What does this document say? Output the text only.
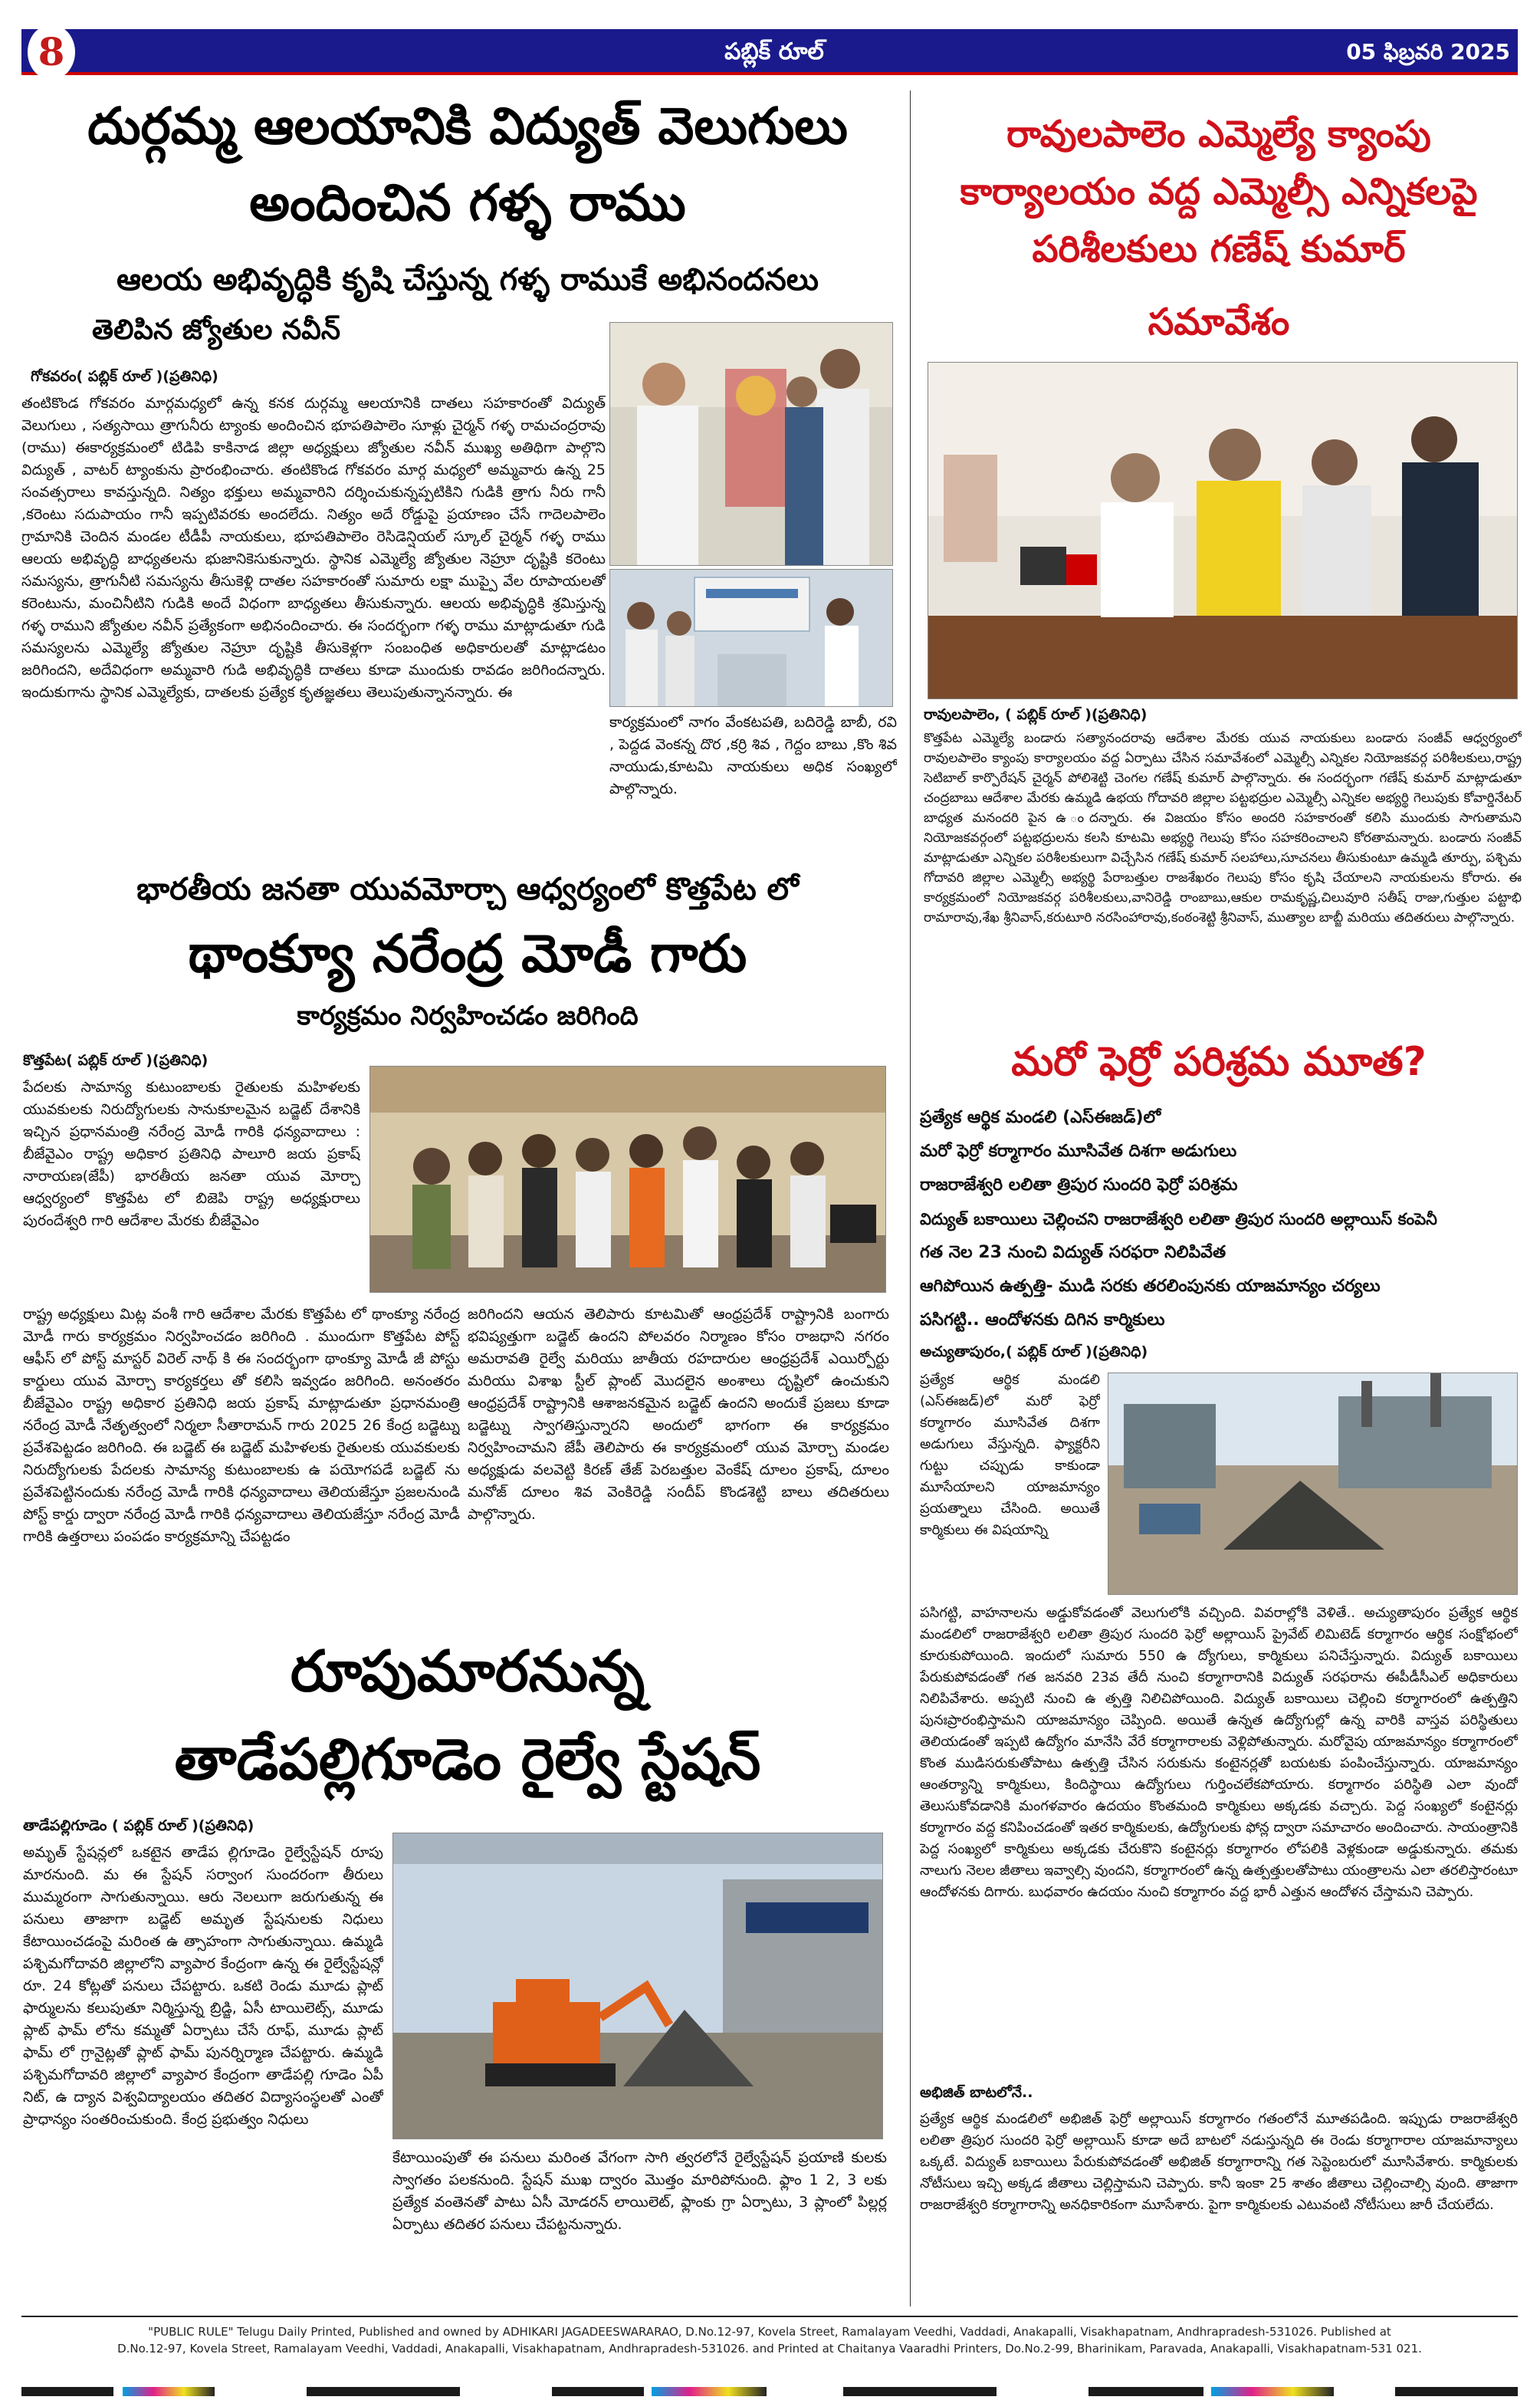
8	పబ్లిక్ రూల్	05 ఫిబ్రవరి 2025
దుర్గమ్మ ఆలయానికి విద్యుత్ వెలుగులు
అందించిన గళ్ళ రాము
ఆలయ అభివృద్ధికి కృషి చేస్తున్న గళ్ళ రాముకే అభినందనలు
తెలిపిన జ్యోతుల నవీన్
గోకవరం( పబ్లిక్ రూల్ )(ప్రతినిధి)
తంటికొండ గోకవరం మార్గమధ్యలో ఉన్న కనక దుర్గమ్మ ఆలయానికి దాతలు సహకారంతో విద్యుత్ వెలుగులు , సత్యసాయి త్రాగునీరు ట్యాంకు అందించిన భూపతిపాలెం సూళ్లు చైర్మన్ గళ్ళ రామచంద్రరావు (రాము) ఈకార్యక్రమంలో టిడిపి కాకినాడ జిల్లా అధ్యక్షులు జ్యోతుల నవీన్ ముఖ్య అతిథిగా పాల్గొని విద్యుత్ , వాటర్ ట్యాంకును ప్రారంభించారు. తంటికొండ గోకవరం మార్గ మధ్యలో అమ్మవారు ఉన్న 25 సంవత్సరాలు కావస్తున్నది. నిత్యం భక్తులు అమ్మవారిని దర్శించుకున్నప్పటికిని గుడికి త్రాగు నీరు గానీ ,కరెంటు సదుపాయం గానీ ఇప్పటివరకు అందలేదు. నిత్యం అదే రోడ్డుపై ప్రయాణం చేసే గాదెలపాలెం గ్రామానికి చెందిన మండల టీడీపీ నాయకులు, భూపతిపాలెం రెసిడెన్షియల్ స్కూల్ చైర్మన్ గళ్ళ రాము ఆలయ అభివృద్ధి బాధ్యతలను భుజానికెసుకున్నారు. స్థానిక ఎమ్మెల్యే జ్యోతుల నెహ్రూ దృష్టికి కరెంటు సమస్యను, త్రాగునీటి సమస్యను తీసుకెళ్లి దాతల సహకారంతో సుమారు లక్షా ముప్పై వేల రూపాయలతో కరెంటును, మంచినీటిని గుడికి అందే విధంగా బాధ్యతలు తీసుకున్నారు. ఆలయ అభివృద్ధికి శ్రమిస్తున్న గళ్ళ రాముని జ్యోతుల నవీన్ ప్రత్యేకంగా అభినందించారు. ఈ సందర్భంగా గళ్ళ రాము మాట్లాడుతూ గుడి సమస్యలను ఎమ్మెల్యే జ్యోతుల నెహ్రూ దృష్టికి తీసుకెళ్లగా సంబంధిత అధికారులతో మాట్లాడటం జరిగిందని, అదేవిధంగా అమ్మవారి గుడి అభివృద్ధికి దాతలు కూడా ముందుకు రావడం జరిగిందన్నారు. ఇందుకుగాను స్థానిక ఎమ్మెల్యేకు, దాతలకు ప్రత్యేక కృతజ్ఞతలు తెలుపుతున్నానన్నారు. ఈ
కార్యక్రమంలో నాగం వేంకటపతి, బదిరెడ్డి బాబీ, రవి , పెద్దడ వెంకన్న దొర ,కర్రి శివ , గెద్దం బాబు ,కొం శివ నాయుడు,కూటమి నాయకులు అధిక సంఖ్యలో పాల్గొన్నారు.
రావులపాలెం ఎమ్మెల్యే క్యాంపు
కార్యాలయం వద్ద ఎమ్మెల్సీ ఎన్నికలపై
పరిశీలకులు గణేష్ కుమార్
సమావేశం
రావులపాలెం, ( పబ్లిక్ రూల్ )(ప్రతినిధి)
కొత్తపేట ఎమ్మెల్యే బండారు సత్యానందరావు ఆదేశాల మేరకు యువ నాయకులు బండారు సంజీవ్ ఆధ్వర్యంలో రావులపాలెం క్యాంపు కార్యాలయం వద్ద ఏర్పాటు చేసిన సమావేశంలో ఎమ్మెల్సీ ఎన్నికల నియోజకవర్గ పరిశీలకులు,రాష్ట్ర సెటిబాల్ కార్పొరేషన్ చైర్మన్ పోలిశెట్టి చెంగల గణేష్ కుమార్ పాల్గొన్నారు. ఈ సందర్భంగా గణేష్ కుమార్ మాట్లాడుతూ చంద్రబాబు ఆదేశాల మేరకు ఉమ్మడి ఉభయ గోదావరి జిల్లాల పట్టభద్రుల ఎమ్మెల్సీ ఎన్నికల అభ్యర్థి గెలుపుకు కోవార్డినేటర్ బాధ్యత మనందరి పైన ఉ ందన్నారు. ఈ విజయం కోసం అందరి సహకారంతో కలిసి ముందుకు సాగుతామని నియోజకవర్గంలో పట్టభద్రులను కలసి కూటమి అభ్యర్థి గెలుపు కోసం సహకరించాలని కోరతామన్నారు. బండారు సంజీవ్ మాట్లాడుతూ ఎన్నికల పరిశీలకులుగా విచ్చేసిన గణేష్ కుమార్ సలహాలు,సూచనలు తీసుకుంటూ ఉమ్మడి తూర్పు, పశ్చిమ గోదావరి జిల్లాల ఎమ్మెల్సీ అభ్యర్థి పేరాబత్తుల రాజశేఖరం గెలుపు కోసం కృషి చేయాలని నాయకులను కోరారు. ఈ కార్యక్రమంలో నియోజకవర్గ పరిశీలకులు,వానిరెడ్డి రాంబాబు,ఆకుల రామకృష్ణ,చిలువూరి సతీష్ రాజు,గుత్తుల పట్టాభి రామారావు,శేఖ శ్రీనివాస్,కరుటూరి నరసింహారావు,కంఠంశెట్టి శ్రీనివాస్, ముత్యాల బాబ్జీ మరియు తదితరులు పాల్గొన్నారు.
మరో ఫెర్రో పరిశ్రమ మూత?
ప్రత్యేక ఆర్థిక మండలి (ఎస్ఈజడ్)లో
మరో ఫెర్రో కర్మాగారం మూసివేత దిశగా అడుగులు
రాజరాజేశ్వరి లలితా త్రిపుర సుందరి ఫెర్రో పరిశ్రమ
విద్యుత్ బకాయిలు చెల్లించని రాజరాజేశ్వరి లలితా త్రిపుర సుందరి అల్లాయిస్ కంపెనీ
గత నెల 23 నుంచి విద్యుత్ సరఫరా నిలిపివేత
ఆగిపోయిన ఉత్పత్తి- ముడి సరకు తరలింపునకు యాజమాన్యం చర్యలు
పసిగట్టి.. ఆందోళనకు దిగిన కార్మికులు
అచ్యుతాపురం,( పబ్లిక్ రూల్ )(ప్రతినిధి)
ప్రత్యేక ఆర్థిక మండలి (ఎస్ఈజడ్)లో మరో ఫెర్రో కర్మాగారం మూసివేత దిశగా అడుగులు వేస్తున్నది. ఫ్యాక్టరీని గుట్టు చప్పుడు కాకుండా మూసేయాలని యాజమాన్యం ప్రయత్నాలు చేసింది. అయితే కార్మికులు ఈ విషయాన్ని
పసిగట్టి, వాహనాలను అడ్డుకోవడంతో వెలుగులోకి వచ్చింది. వివరాల్లోకి వెళితే.. అచ్యుతాపురం ప్రత్యేక ఆర్థిక మండలిలో రాజరాజేశ్వరి లలితా త్రిపుర సుందరి ఫెర్రో అల్లాయిస్ ప్రైవేట్ లిమిటెడ్ కర్మాగారం ఆర్థిక సంక్షోభంలో కూరుకుపోయింది. ఇందులో సుమారు 550 ఉ ద్యోగులు, కార్మికులు పనిచేస్తున్నారు. విద్యుత్ బకాయిలు పేరుకుపోవడంతో గత జనవరి 23వ తేదీ నుంచి కర్మాగారానికి విద్యుత్ సరఫరాను ఈపీడీసీఎల్ అధికారులు నిలిపివేశారు. అప్పటి నుంచి ఉ త్పత్తి నిలిచిపోయింది. విద్యుత్ బకాయిలు చెల్లించి కర్మాగారంలో ఉత్పత్తిని పునఃప్రారంభిస్తామని యాజమాన్యం చెప్పింది. అయితే ఉన్నత ఉద్యోగుల్లో ఉన్న వారికి వాస్తవ పరిస్థితులు తెలియడంతో ఇప్పటి ఉద్యోగం మానేసి వేరే కర్మాగారాలకు వెళ్లిపోతున్నారు. మరోవైపు యాజమాన్యం కర్మాగారంలో కొంత ముడిసరుకుతోపాటు ఉత్పత్తి చేసిన సరుకును కంటైనర్లతో బయటకు పంపించేస్తున్నారు. యాజమాన్యం ఆంతర్యాన్ని కార్మికులు, కిందిస్థాయి ఉద్యోగులు గుర్తించలేకపోయారు. కర్మాగారం పరిస్థితి ఎలా వుందో తెలుసుకోవడానికి మంగళవారం ఉదయం కొంతమంది కార్మికులు అక్కడకు వచ్చారు. పెద్ద సంఖ్యలో కంటైనర్లు కర్మాగారం వద్ద కనిపించడంతో ఇతర కార్మికులకు, ఉద్యోగులకు ఫోన్ల ద్వారా సమాచారం అందించారు. సాయంత్రానికి పెద్ద సంఖ్యలో కార్మికులు అక్కడకు చేరుకొని కంటైనర్లు కర్మాగారం లోపలికి వెళ్లకుండా అడ్డుకున్నారు. తమకు నాలుగు నెలల జీతాలు ఇవ్వాల్సి వుందని, కర్మాగారంలో ఉన్న ఉత్పత్తులతోపాటు యంత్రాలను ఎలా తరలిస్తారంటూ ఆందోళనకు దిగారు. బుధవారం ఉదయం నుంచి కర్మాగారం వద్ద భారీ ఎత్తున ఆందోళన చేస్తామని చెప్పారు.
అభిజిత్ బాటలోనే..
ప్రత్యేక ఆర్థిక మండలిలో అభిజిత్ ఫెర్రో అల్లాయిస్ కర్మాగారం గతంలోనే మూతపడింది. ఇప్పుడు రాజరాజేశ్వరి లలితా త్రిపుర సుందరి ఫెర్రో అల్లాయిస్ కూడా అదే బాటలో నడుస్తున్నది ఈ రెండు కర్మాగారాల యాజమాన్యాలు ఒక్కటే. విద్యుత్ బకాయిలు పేరుకుపోవడంతో అభిజిత్ కర్మాగారాన్ని గత సెప్టెంబరులో మూసివేశారు. కార్మికులకు నోటీసులు ఇచ్చి అక్కడ జీతాలు చెల్లిస్తామని చెప్పారు. కానీ ఇంకా 25 శాతం జీతాలు చెల్లించాల్సి వుంది. తాజాగా రాజరాజేశ్వరి కర్మాగారాన్ని అనధికారికంగా మూసేశారు. పైగా కార్మికులకు ఎటువంటి నోటీసులు జారీ చేయలేదు.
భారతీయ జనతా యువమోర్చా ఆధ్వర్యంలో కొత్తపేట లో
థాంక్యూ నరేంద్ర మోడీ గారు
కార్యక్రమం నిర్వహించడం జరిగింది
కొత్తపేట( పబ్లిక్ రూల్ )(ప్రతినిధి)
పేదలకు సామాన్య కుటుంబాలకు రైతులకు మహిళలకు యువకులకు నిరుద్యోగులకు సానుకూలమైన బడ్జెట్ దేశానికి ఇచ్చిన ప్రధానమంత్రి నరేంద్ర మోడీ గారికి ధన్యవాదాలు : బీజేవైఎం రాష్ట్ర అధికార ప్రతినిధి పాలూరి జయ ప్రకాష్ నారాయణ(జేపీ) భారతీయ జనతా యువ మోర్చా ఆధ్వర్యంలో కొత్తపేట లో బిజెపి రాష్ట్ర అధ్యక్షురాలు పురందేశ్వరి గారి ఆదేశాల మేరకు బీజేవైఎం
రాష్ట్ర అధ్యక్షులు మిట్ల వంశీ గారి ఆదేశాల మేరకు కొత్తపేట లో థాంక్యూ నరేంద్ర మోడీ గారు కార్యక్రమం నిర్వహించడం జరిగింది . ముందుగా కొత్తపేట పోస్ట్ ఆఫీస్ లో పోస్ట్ మాస్టర్ విరెల్ నాథ్ కి ఈ సందర్భంగా థాంక్యూ మోడీ జీ పోస్టు కార్డులు యువ మోర్చా కార్యకర్తలు తో కలిసి ఇవ్వడం జరిగింది. అనంతరం బీజేవైఎం రాష్ట్ర అధికార ప్రతినిధి జయ ప్రకాష్ మాట్లాడుతూ ప్రధానమంత్రి నరేంద్ర మోడీ నేతృత్వంలో నిర్మలా సీతారామన్ గారు 2025 26 కేంద్ర బడ్జెట్ను ప్రవేశపెట్టడం జరిగింది. ఈ బడ్జెట్ ఈ బడ్జెట్ మహిళలకు రైతులకు యువకులకు నిరుద్యోగులకు పేదలకు సామాన్య కుటుంబాలకు ఉ పయోగపడే బడ్జెట్ ను ప్రవేశపెట్టినందుకు నరేంద్ర మోడీ గారికి ధన్యవాదాలు తెలియజేస్తూ ప్రజలనుండి పోస్ట్ కార్డు ద్వారా నరేంద్ర మోడీ గారికి ధన్యవాదాలు తెలియజేస్తూ నరేంద్ర మోడీ గారికి ఉత్తరాలు పంపడం కార్యక్రమాన్ని చేపట్టడం
జరిగిందని ఆయన తెలిపారు కూటమితో ఆంధ్రప్రదేశ్ రాష్ట్రానికి బంగారు భవిష్యత్తుగా బడ్జెట్ ఉందని పోలవరం నిర్మాణం కోసం రాజధాని నగరం అమరావతి రైల్వే మరియు జాతీయ రహదారుల ఆంధ్రప్రదేశ్ ఎయిర్పోర్టు మరియు విశాఖ స్టీల్ ప్లాంట్ మొదలైన అంశాలు దృష్టిలో ఉంచుకుని ఆంధ్రప్రదేశ్ రాష్ట్రానికి ఆశాజనకమైన బడ్జెట్ ఉందని అందుకే ప్రజలు కూడా బడ్జెట్ను స్వాగతిస్తున్నారని అందులో భాగంగా ఈ కార్యక్రమం నిర్వహించామని జేపీ తెలిపారు ఈ కార్యక్రమంలో యువ మోర్చా మండల అధ్యక్షుడు వలవెట్టి కిరణ్ తేజ్ పెరబత్తుల వెంకేష్ దూలం ప్రకాష్, దూలం మనోజ్ దూలం శివ వెంకిరెడ్డి సందీప్ కొండశెట్టి బాలు తదితరులు పాల్గొన్నారు.
రూపుమారనున్న
తాడేపల్లిగూడెం రైల్వే స్టేషన్
తాడేపల్లిగూడెం ( పబ్లిక్ రూల్ )(ప్రతినిధి)
అమృత్ స్టేషన్లలో ఒకటైన తాడేప ల్లిగూడెం రైల్వేస్టేషన్ రూపు మారనుంది. మ ఈ స్టేషన్ సర్వాంగ సుందరంగా తీరులు ముమ్మరంగా సాగుతున్నాయి. ఆరు నెలలుగా జరుగుతున్న ఈ పనులు తాజాగా బడ్జెట్ అమృత స్టేషనులకు నిధులు కేటాయించడంపై మరింత ఉ త్సాహంగా సాగుతున్నాయి. ఉమ్మడి పశ్చిమగోదావరి జిల్లాలోని వ్యాపార కేంద్రంగా ఉన్న ఈ రైల్వేస్టేషన్లో రూ. 24 కోట్లతో పనులు చేపట్టారు. ఒకటి రెండు మూడు ప్లాట్ ఫార్ములను కలుపుతూ నిర్మిస్తున్న బ్రిడ్జి, ఏసీ టాయిలెట్స్, మూడు ప్లాట్ ఫామ్ లోను కమ్మతో ఏర్పాటు చేసే రూఫ్, మూడు ప్లాట్ ఫామ్ లో గ్రానైట్లతో ప్లాట్ ఫామ్ పునర్నిర్మాణ చేపట్టారు. ఉమ్మడి పశ్చిమగోదావరి జిల్లాలో వ్యాపార కేంద్రంగా తాడేపల్లి గూడెం ఏపీ నిట్, ఉ ద్యాన విశ్వవిద్యాలయం తదితర విద్యాసంస్థలతో ఎంతో ప్రాధాన్యం సంతరించుకుంది. కేంద్ర ప్రభుత్వం నిధులు
కేటాయింపుతో ఈ పనులు మరింత వేగంగా సాగి త్వరలోనే రైల్వేస్టేషన్ ప్రయాణి కులకు స్వాగతం పలకనుంది. స్టేషన్ ముఖ ద్వారం మొత్తం మారిపోనుంది. ఫ్లాం 1 2, 3 లకు ప్రత్యేక వంతెనతో పాటు ఏసీ మోడరన్ లాయిలెట్, ఫ్లాంకు గ్రా ఏర్పాటు, 3 ప్లాంలో పిల్లర్ల ఏర్పాటు తదితర పనులు చేపట్టనున్నారు.
"PUBLIC RULE" Telugu Daily Printed, Published and owned by ADHIKARI JAGADEESWARARAO, D.No.12-97, Kovela Street, Ramalayam Veedhi, Vaddadi, Anakapalli, Visakhapatnam, Andhrapradesh-531026. Published at
D.No.12-97, Kovela Street, Ramalayam Veedhi, Vaddadi, Anakapalli, Visakhapatnam, Andhrapradesh-531026. and Printed at Chaitanya Vaaradhi Printers, Do.No.2-99, Bharinikam, Paravada, Anakapalli, Visakhapatnam-531 021.
